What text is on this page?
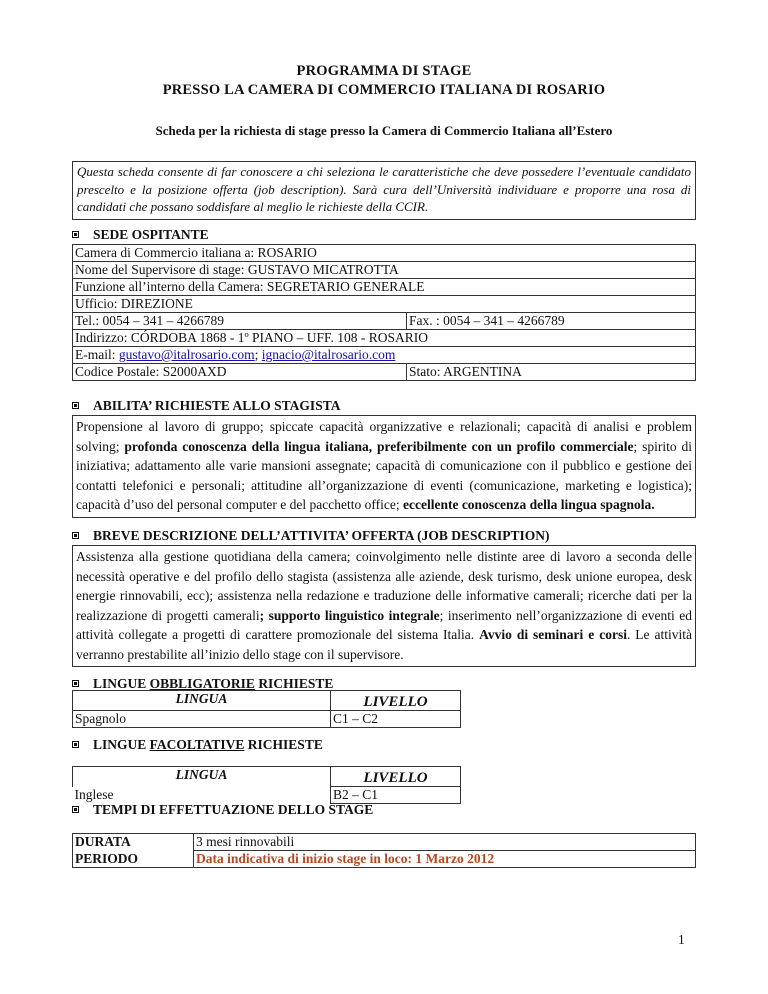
PROGRAMMA DI STAGE
PRESSO LA CAMERA DI COMMERCIO ITALIANA DI ROSARIO
Scheda per la richiesta di stage presso la Camera di Commercio Italiana all’Estero
Questa scheda consente di far conoscere a chi seleziona le caratteristiche che deve possedere l’eventuale candidato prescelto e la posizione offerta (job description). Sarà cura dell’Università individuare e proporre una rosa di candidati che possano soddisfare al meglio le richieste della CCIR.
SEDE OSPITANTE
Camera di Commercio italiana a: ROSARIO	
Nome del Supervisore di stage: GUSTAVO MICATROTTA	
Funzione all’interno della Camera: SEGRETARIO GENERALE	
Ufficio: DIREZIONE	
Tel.: 0054 – 341 – 4266789	Fax. : 0054 – 341 – 4266789
Indirizzo: CÓRDOBA 1868 - 1º PIANO – UFF. 108 - ROSARIO	
E-mail: gustavo@italrosario.com; ignacio@italrosario.com	
Codice Postale: S2000AXD	Stato: ARGENTINA
ABILITA’ RICHIESTE ALLO STAGISTA
Propensione al lavoro di gruppo; spiccate capacità organizzative e relazionali; capacità di analisi e problem solving; profonda conoscenza della lingua italiana, preferibilmente con un profilo commerciale; spirito di iniziativa; adattamento alle varie mansioni assegnate; capacità di comunicazione con il pubblico e gestione dei contatti telefonici e personali; attitudine all’organizzazione di eventi (comunicazione, marketing e logistica); capacità d’uso del personal computer e del pacchetto office; eccellente conoscenza della lingua spagnola.
BREVE DESCRIZIONE DELL’ATTIVITA’ OFFERTA (JOB DESCRIPTION)
Assistenza alla gestione quotidiana della camera; coinvolgimento nelle distinte aree di lavoro a seconda delle necessità operative e del profilo dello stagista (assistenza alle aziende, desk turismo, desk unione europea, desk energie rinnovabili, ecc); assistenza nella redazione e traduzione delle informative camerali; ricerche dati per la realizzazione di progetti camerali; supporto linguistico integrale; inserimento nell’organizzazione di eventi ed attività collegate a progetti di carattere promozionale del sistema Italia. Avvio di seminari e corsi. Le attività verranno prestabilite all’inizio dello stage con il supervisore.
LINGUE OBBLIGATORIE RICHIESTE
LINGUA	LIVELLO
Spagnolo	C1 – C2
LINGUE FACOLTATIVE RICHIESTE
LINGUA	LIVELLO
Inglese	B2 – C1
TEMPI DI EFFETTUAZIONE DELLO STAGE
DURATA	3 mesi rinnovabili
PERIODO	Data indicativa di inizio stage in loco: 1 Marzo 2012
1
